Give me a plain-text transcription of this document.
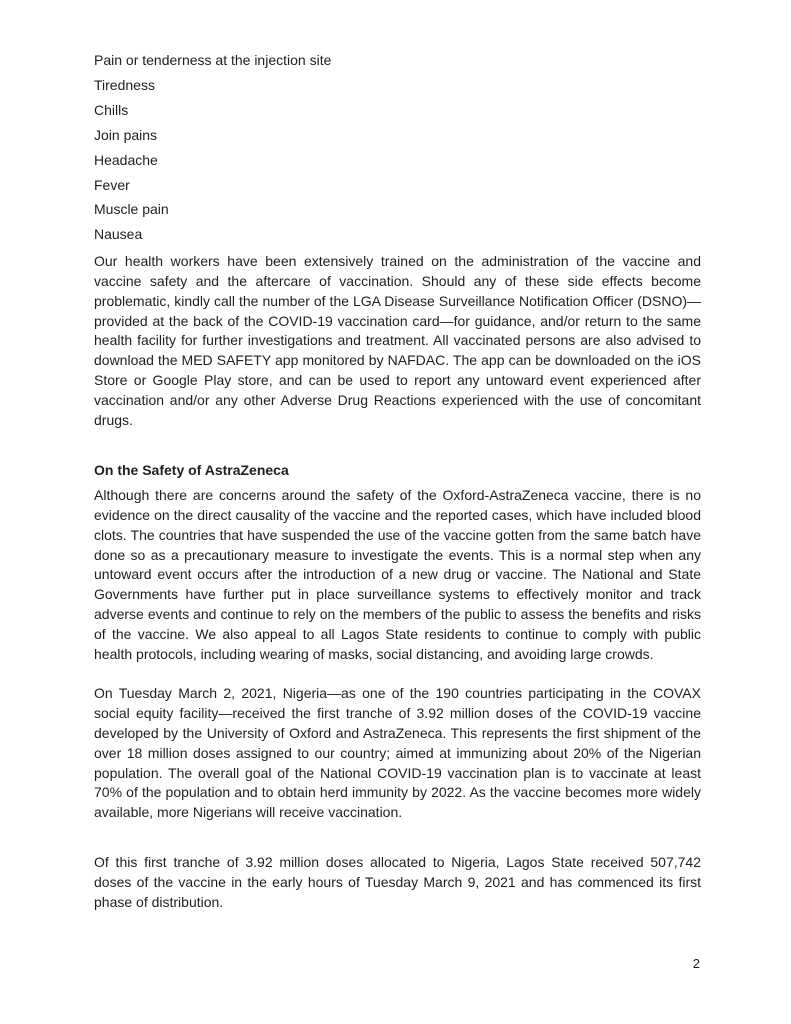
Pain or tenderness at the injection site
Tiredness
Chills
Join pains
Headache
Fever
Muscle pain
Nausea

Our health workers have been extensively trained on the administration of the vaccine and vaccine safety and the aftercare of vaccination. Should any of these side effects become problematic, kindly call the number of the LGA Disease Surveillance Notification Officer (DSNO)—provided at the back of the COVID-19 vaccination card—for guidance, and/or return to the same health facility for further investigations and treatment. All vaccinated persons are also advised to download the MED SAFETY app monitored by NAFDAC. The app can be downloaded on the iOS Store or Google Play store, and can be used to report any untoward event experienced after vaccination and/or any other Adverse Drug Reactions experienced with the use of concomitant drugs.

On the Safety of AstraZeneca

Although there are concerns around the safety of the Oxford-AstraZeneca vaccine, there is no evidence on the direct causality of the vaccine and the reported cases, which have included blood clots. The countries that have suspended the use of the vaccine gotten from the same batch have done so as a precautionary measure to investigate the events. This is a normal step when any untoward event occurs after the introduction of a new drug or vaccine. The National and State Governments have further put in place surveillance systems to effectively monitor and track adverse events and continue to rely on the members of the public to assess the benefits and risks of the vaccine. We also appeal to all Lagos State residents to continue to comply with public health protocols, including wearing of masks, social distancing, and avoiding large crowds.

On Tuesday March 2, 2021, Nigeria—as one of the 190 countries participating in the COVAX social equity facility—received the first tranche of 3.92 million doses of the COVID-19 vaccine developed by the University of Oxford and AstraZeneca. This represents the first shipment of the over 18 million doses assigned to our country; aimed at immunizing about 20% of the Nigerian population. The overall goal of the National COVID-19 vaccination plan is to vaccinate at least 70% of the population and to obtain herd immunity by 2022. As the vaccine becomes more widely available, more Nigerians will receive vaccination.

Of this first tranche of 3.92 million doses allocated to Nigeria, Lagos State received 507,742 doses of the vaccine in the early hours of Tuesday March 9, 2021 and has commenced its first phase of distribution.

2
